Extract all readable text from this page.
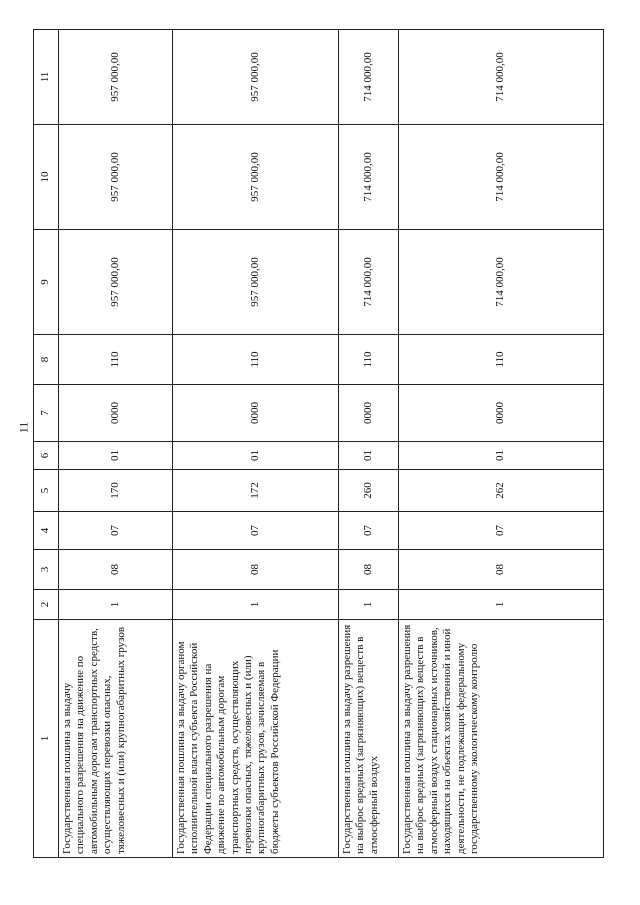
11
1	2	3	4	5	6	7	8	9	10	11
Государственная пошлина за выдачу специального разрешения на движение по автомобильным дорогам транспортных средств, осуществляющих перевозки опасных, тяжеловесных и (или) крупногабаритных грузов	1	08	07	170	01	0000	110	957 000,00	957 000,00	957 000,00
Государственная пошлина за выдачу органом исполнительной власти субъекта Российской Федерации специального разрешения на движение по автомобильным дорогам транспортных средств, осуществляющих перевозки опасных, тяжеловесных и (или) крупногабаритных грузов, зачисляемая в бюджеты субъектов Российской Федерации	1	08	07	172	01	0000	110	957 000,00	957 000,00	957 000,00
Государственная пошлина за выдачу разрешения на выброс вредных (загрязняющих) веществ в атмосферный воздух	1	08	07	260	01	0000	110	714 000,00	714 000,00	714 000,00
Государственная пошлина за выдачу разрешения на выброс вредных (загрязняющих) веществ в атмосферный воздух стационарных источников, находящихся на объектах хозяйственной и иной деятельности, не подлежащих федеральному государственному экологическому контролю	1	08	07	262	01	0000	110	714 000,00	714 000,00	714 000,00
